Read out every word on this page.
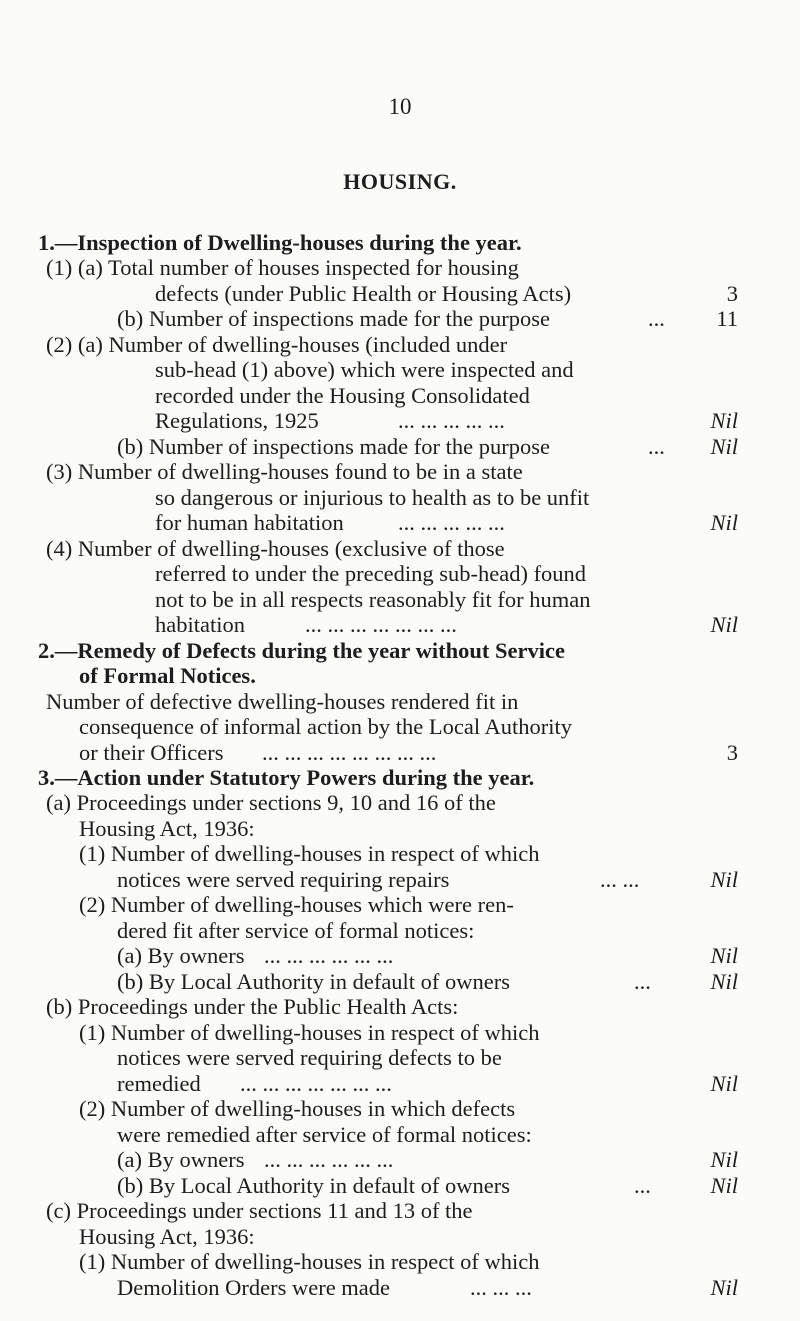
10
HOUSING.
1.—Inspection of Dwelling-houses during the year.
(1) (a) Total number of houses inspected for housing
defects (under Public Health or Housing Acts)	3
(b) Number of inspections made for the purpose	...	11
(2) (a) Number of dwelling-houses (included under
sub-head (1) above) which were inspected and
recorded under the Housing Consolidated
Regulations, 1925	... ... ... ... ...	Nil
(b) Number of inspections made for the purpose	...	Nil
(3) Number of dwelling-houses found to be in a state
so dangerous or injurious to health as to be unfit
for human habitation ... ... ... ... ...	Nil
(4) Number of dwelling-houses (exclusive of those
referred to under the preceding sub-head) found
not to be in all respects reasonably fit for human
habitation	... ... ... ... ... ... ...	Nil
2.—Remedy of Defects during the year without Service
of Formal Notices.
Number of defective dwelling-houses rendered fit in
consequence of informal action by the Local Authority
or their Officers ... ... ... ... ... ... ... ...	3
3.—Action under Statutory Powers during the year.
(a) Proceedings under sections 9, 10 and 16 of the
Housing Act, 1936:
(1) Number of dwelling-houses in respect of which
notices were served requiring repairs	... ...	Nil
(2) Number of dwelling-houses which were ren-
dered fit after service of formal notices:
(a) By owners ... ... ... ... ... ...	Nil
(b) By Local Authority in default of owners	...	Nil
(b) Proceedings under the Public Health Acts:
(1) Number of dwelling-houses in respect of which
notices were served requiring defects to be
remedied ... ... ... ... ... ... ...	Nil
(2) Number of dwelling-houses in which defects
were remedied after service of formal notices:
(a) By owners ... ... ... ... ... ...	Nil
(b) By Local Authority in default of owners	...	Nil
(c) Proceedings under sections 11 and 13 of the
Housing Act, 1936:
(1) Number of dwelling-houses in respect of which
Demolition Orders were made	... ... ...	Nil
